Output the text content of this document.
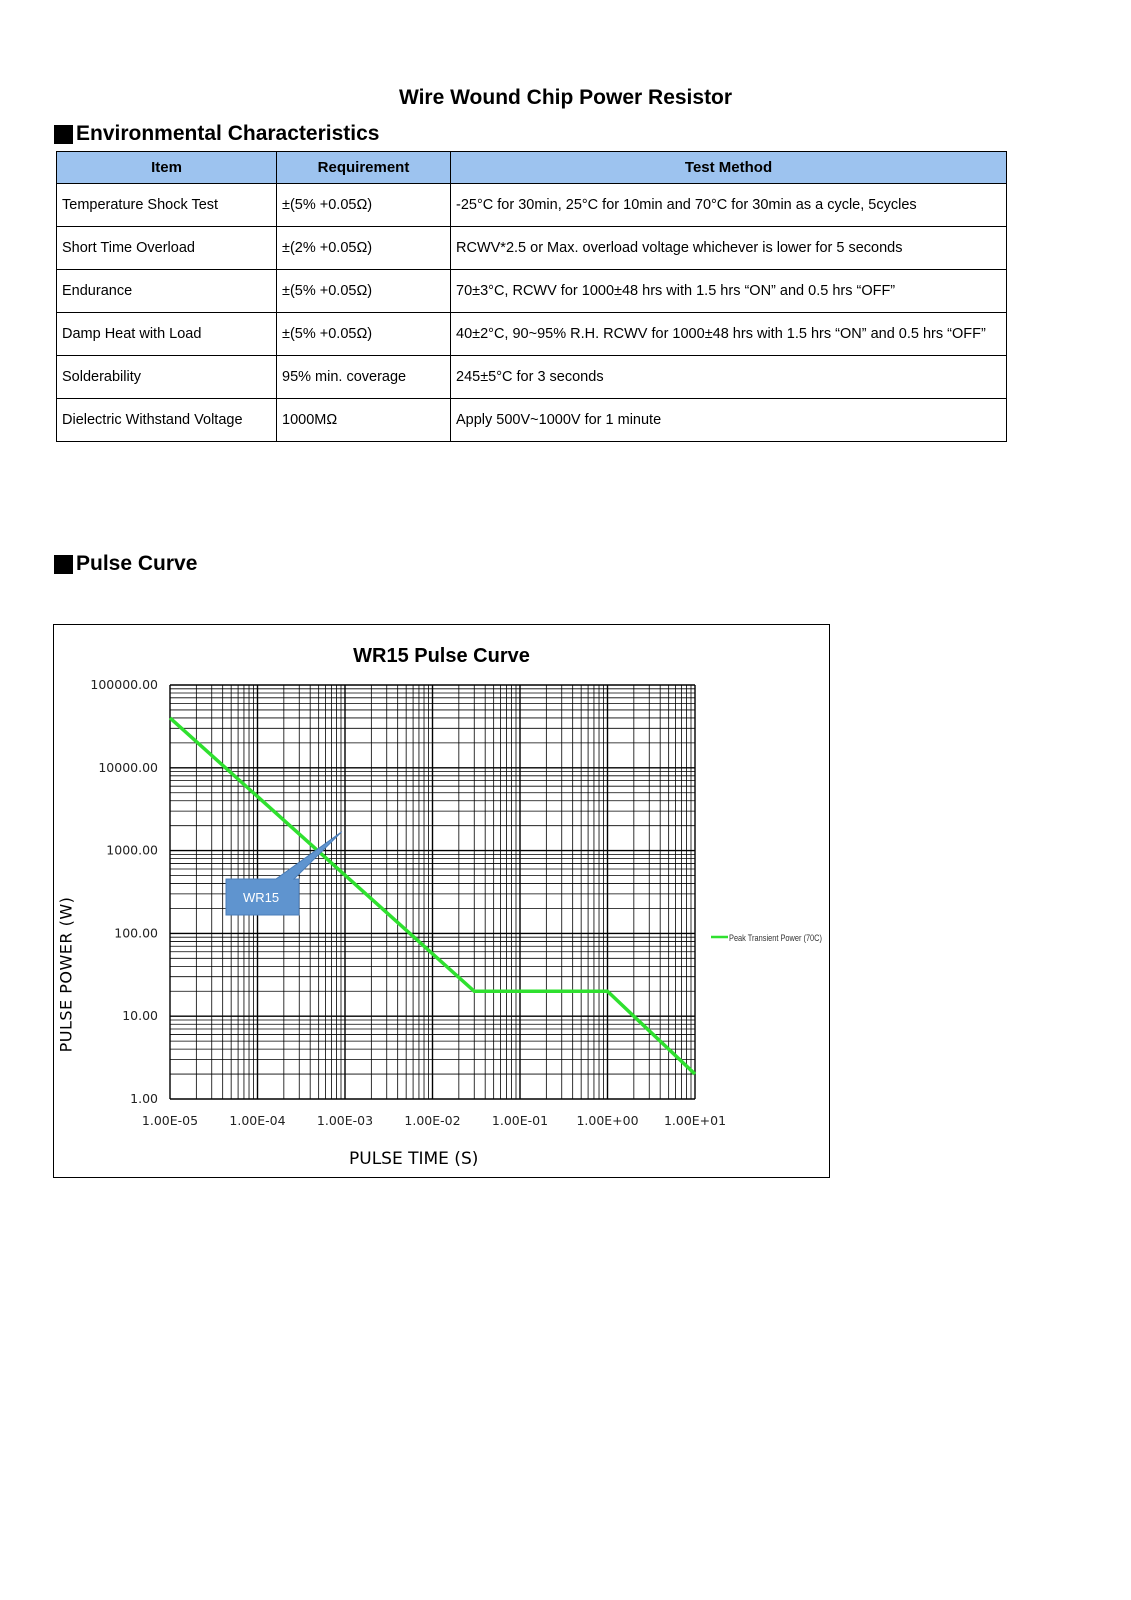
Wire Wound Chip Power Resistor
Environmental Characteristics
Item	Requirement	Test Method
Temperature Shock Test	±(5% +0.05Ω)	-25°C for 30min, 25°C for 10min and 70°C for 30min as a cycle, 5cycles
Short Time Overload	±(2% +0.05Ω)	RCWV*2.5 or Max. overload voltage whichever is lower for 5 seconds
Endurance	±(5% +0.05Ω)	70±3°C, RCWV for 1000±48 hrs with 1.5 hrs “ON” and 0.5 hrs “OFF”
Damp Heat with Load	±(5% +0.05Ω)	40±2°C, 90~95% R.H. RCWV for 1000±48 hrs with 1.5 hrs “ON” and 0.5 hrs “OFF”
Solderability	95% min. coverage	245±5°C for 3 seconds
Dielectric Withstand Voltage	1000MΩ	Apply 500V~1000V for 1 minute
Pulse Curve
WR15 Pulse Curve
100000.00
10000.00
1000.00
100.00
10.00
1.00
1.00E-05	1.00E-04	1.00E-03	1.00E-02	1.00E-01 1.00E+00 1.00E+01
Peak Transient Power (70C)
WR15
PULSE POWER (W)
PULSE TIME (S)
